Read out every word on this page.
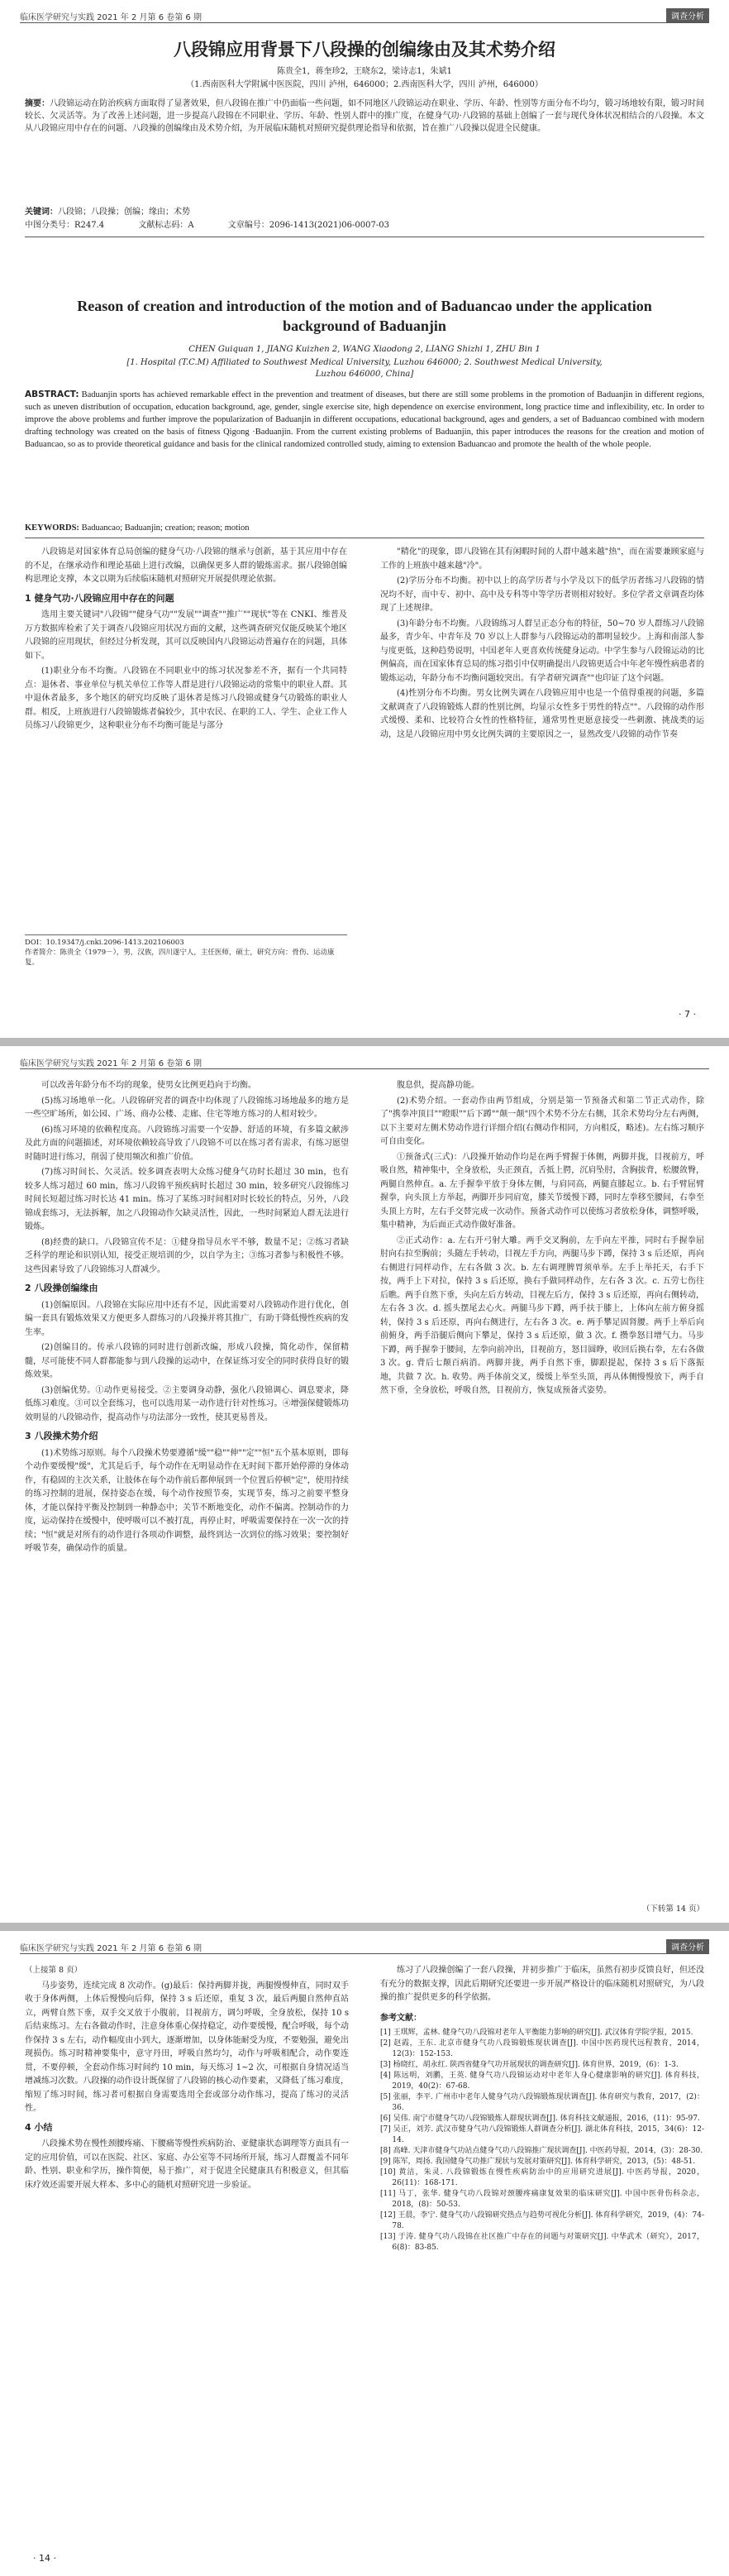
临床医学研究与实践 2021 年 2 月第 6 卷第 6 期	调查分析
八段锦应用背景下八段操的创编缘由及其术势介绍
陈贵全1，蒋奎珍2，王晓东2，梁诗志1，朱斌1
（1.西南医科大学附属中医医院，四川 泸州，646000；2.西南医科大学，四川 泸州，646000）
摘要：八段锦运动在防治疾病方面取得了显著效果，但八段锦在推广中仍面临一些问题，如不同地区八段锦运动在职业、学历、年龄、性别等方面分布不均匀，锻习场地较有限，锻习时间较长、欠灵活等。为了改善上述问题，进一步提高八段锦在不同职业、学历、年龄、性别人群中的推广度，在健身气功·八段锦的基础上创编了一套与现代身体状况相结合的八段操。本文从八段锦应用中存在的问题、八段操的创编缘由及术势介绍，为开展临床随机对照研究提供理论指导和依据，旨在推广八段操以促进全民健康。
关键词：八段锦；八段操；创编；缘由；术势
中图分类号：R247.4	文献标志码：A	文章编号：2096-1413(2021)06-0007-03
Reason of creation and introduction of the motion and of Baduancao under the application background of Baduanjin
CHEN Guiquan 1, JIANG Kuizhen 2, WANG Xiaodong 2, LIANG Shizhi 1, ZHU Bin 1
[1. Hospital (T.C.M) Affiliated to Southwest Medical University, Luzhou 646000; 2. Southwest Medical University,
Luzhou 646000, China]
ABSTRACT: Baduanjin sports has achieved remarkable effect in the prevention and treatment of diseases, but there are still some problems in the promotion of Baduanjin in different regions, such as uneven distribution of occupation, education background, age, gender, single exercise site, high dependence on exercise environment, long practice time and inflexibility, etc. In order to improve the above problems and further improve the popularization of Baduanjin in different occupations, educational background, ages and genders, a set of Baduancao combined with modern drafting technology was created on the basis of fitness Qigong ·Baduanjin. From the current existing problems of Baduanjin, this paper introduces the reasons for the creation and motion of Baduancao, so as to provide theoretical guidance and basis for the clinical randomized controlled study, aiming to extension Baduancao and promote the health of the whole people.
KEYWORDS: Baduancao; Baduanjin; creation; reason; motion

八段锦是对国家体育总局创编的健身气功·八段锦的继承与创新，基于其应用中存在的不足，在继承动作和理论基础上进行改编，以确保更多人群的锻炼需求。据八段锦创编构思理论支撑，本文以期为后续临床随机对照研究开展提供理论依据。

1 健身气功·八段锦应用中存在的问题

选用主要关键词"八段锦""健身气功""发展""调查""推广""现状"等在 CNKI、维普及万方数据库检索了关于调查八段锦应用状况方面的文献，这些调查研究仅能反映某个地区八段锦的应用现状，但经过分析发现，其可以反映国内八段锦运动普遍存在的问题，具体如下。

(1)职业分布不均衡。八段锦在不同职业中的练习状况参差不齐，据有一个共同特点：退休者、事业单位与机关单位工作等人群是进行八段锦运动的常集中的职业人群。其中退休者最多，多个地区的研究均反映了退休者是练习八段锦或健身气功锻炼的职业人群。相反，上班族进行八段锦锻炼者偏较少，其中农民、在职的工人、学生、企业工作人员练习八段锦更少，这种职业分布不均衡可能是与部分

DOI：10.19347/j.cnki.2096-1413.202106003
作者简介：陈贵全（1979－），男，汉族，四川遂宁人，主任医师，硕士，研究方向：骨伤、运动康复。

"精化"的现象，即八段锦在其有闲暇时间的人群中越来越"热"，而在需要兼顾家庭与工作的上班族中越来越"冷"。

(2)学历分布不均衡。初中以上的高学历者与小学及以下的低学历者练习八段锦的情况均不好，而中专、初中、高中及专科等中等学历者则相对较好。多位学者文章调查均体现了上述规律。

(3)年龄分布不均衡。八段锦练习人群呈正态分布的特征，50~70 岁人群练习八段锦最多，青少年、中青年及 70 岁以上人群参与八段锦运动的都明显较少。上海和南部人参与度更低，这种趋势说明，中国老年人更喜欢传统健身运动。中学生参与八段锦运动的比例偏高，而在国家体育总局的练习指引中仅明确提出八段锦更适合中年老年慢性病患者的锻炼运动，年龄分布不均衡问题较突出。有学者研究调查""也印证了这个问题。

(4)性别分布不均衡。男女比例失调在八段锦应用中也是一个值得重视的问题，多篇文献调查了八段锦锻炼人群的性别比例，均显示女性多于男性的特点""。八段锦的动作形式缓慢、柔和、比较符合女性的性格特征，通常男性更愿意接受一些刺激、挑战类的运动，这是八段锦应用中男女比例失调的主要原因之一，显然改变八段锦的动作节奏

· 7 ·
临床医学研究与实践 2021 年 2 月第 6 卷第 6 期

可以改善年龄分布不均的现象，使男女比例更趋向于均衡。

(5)练习场地单一化。八段锦研究者的调查中均体现了八段锦练习场地最多的地方是一些空旷场所，如公园、广场、商办公楼、走廊、住宅等地方练习的人相对较少。

(6)练习环境的依赖程度高。八段锦练习需要一个安静、舒适的环境，有多篇文献涉及此方面的问题描述，对环境依赖较高导致了八段锦不可以在练习者有需求，有练习愿望时随时进行练习，削弱了使用频次和推广价值。

(7)练习时间长、欠灵活。较多调查表明大众练习健身气功时长超过 30 min，也有较多人练习超过 60 min，练习八段锦平预疾病时长超过 30 min，较多研究八段锦练习时间长短超过练习时长达 41 min。练习了某练习时间相对时长较长的特点，另外，八段锦成套练习，无法拆解，加之八段锦动作欠缺灵活性，因此，一些时间紧迫人群无法进行锻炼。

(8)经费的缺口。八段锦宣传不足：①健身指导员水平不够，数量不足；②练习者缺乏科学的理论和识别认知，接受正规培训的少，以自学为主；③练习者参与积极性不够。这些因素导致了八段锦练习人群减少。

2 八段操创编缘由

(1)创编原因。八段锦在实际应用中还有不足，因此需要对八段锦动作进行优化，创编一套具有锻炼效果又方便更多人群练习的八段操并将其推广，有助于降低慢性疾病的发生率。

(2)创编目的。传承八段锦的同时进行创新改编，形成八段操，简化动作，保留精髓，尽可能使不同人群都能参与到八段操的运动中，在保证练习安全的同时获得良好的锻炼效果。

(3)创编优势。①动作更易接受。②主要调身动静，强化八段锦调心、调息要求，降低练习难度。③可以全套练习，也可以选用某一动作进行针对性练习。④增强保健锻炼功效明显的八段锦动作，提高动作与功法部分一致性，使其更易普及。

3 八段操术势介绍

(1)术势练习原则。每个八段操术势要遵循"缓""稳""伸""定""恒"五个基本原则，即每个动作要缓慢"缓"，尤其是后手，每个动作在无明显动作在无时间下都开始停滞的身体动作，有稳固的主次关系，让肢体在每个动作前后都伸展到一个位置后停顿"定"，使用持续的练习控制的进展，保持姿态在缓，每个动作按照节奏，实现节奏，练习之前要平整身体，才能以保持平衡及控制到一种静态中；关节不断地变化，动作不偏离。控制动作的力度，运动保持在缓慢中，使呼吸可以不被打乱，再停止时，呼吸需要保持在一次一次的持续；"恒"就是对所有的动作进行各项动作调整，最终到达一次到位的练习效果；要控制好呼吸节奏，确保动作的质量。

腹息供，提高静功能。

(2)术势介绍。一套动作由两节组成，分别是第一节预备式和第二节正式动作，除了"携拳冲顶目""瞪眼""后下蹲""颠一颠"四个术势不分左右侧，其余术势均分左右两侧，以下主要对左侧术势动作进行详细介绍(右侧动作相同，方向相反，略述)。左右练习顺序可自由变化。

①预备式(三式)：八段操开始动作均是在两手臂握于体侧，两脚并拢，目视前方，呼吸自然，精神集中，全身放松，头正颈直，舌抵上腭，沉肩坠肘，含胸拔背，松腰敛臀，两腿自然伸直。a. 左手握拳平放于身体左侧，与肩同高，两腿直膝起立。b. 右手臂屈臂握拳，向头顶上方举起，两脚开步同肩宽，膝关节缓慢下蹲，同时左拳移至腰间，右拳至头顶上方时，左右手交替完成一次动作。预备式动作可以使练习者放松身体，调整呼吸，集中精神，为后面正式动作做好准备。

②正式动作：a. 左右开弓射大雕。两手交叉胸前，左手向左平推，同时右手握拳屈肘向右拉至胸前；头随左手转动，目视左手方向，两腿马步下蹲，保持 3 s 后还原，再向右侧进行同样动作，左右各做 3 次。b. 左右调理脾胃须单举。左手上举托天，右手下按，两手上下对拉，保持 3 s 后还原，换右手做同样动作，左右各 3 次。c. 五劳七伤往后瞧。两手自然下垂，头向左后方转动，目视左后方，保持 3 s 后还原，再向右侧转动，左右各 3 次。d. 摇头摆尾去心火。两腿马步下蹲，两手扶于膝上，上体向左前方俯身摇转，保持 3 s 后还原，再向右侧进行，左右各 3 次。e. 两手攀足固肾腰。两手上举后向前俯身，两手沿腿后侧向下攀足，保持 3 s 后还原，做 3 次。f. 攒拳怒目增气力。马步下蹲，两手握拳于腰间，左拳向前冲出，目视前方，怒目圆睁，收回后换右拳，左右各做 3 次。g. 背后七颠百病消。两脚并拢，两手自然下垂，脚跟提起，保持 3 s 后下落振地，共做 7 次。h. 收势。两手体前交叉，缓缓上举至头顶，再从体侧慢慢放下，两手自然下垂，全身放松，呼吸自然，目视前方，恢复成预备式姿势。

（下转第 14 页）
临床医学研究与实践 2021 年 2 月第 6 卷第 6 期	调查分析
（上接第 8 页）

马步姿势，连续完成 8 次动作。(g)最后：保持两脚并拢，两腿慢慢伸直，同时双手收于身体两侧，上体后慢慢向后仰，保持 3 s 后还原，重复 3 次，最后两腿自然伸直站立，两臂自然下垂，双手交叉放于小腹前，目视前方，调匀呼吸，全身放松，保持 10 s 后结束练习。左右各做动作时，注意身体重心保持稳定，动作要缓慢，配合呼吸，每个动作保持 3 s 左右，动作幅度由小到大，逐渐增加，以身体能耐受为度，不要勉强，避免出现损伤。练习时精神要集中，意守丹田，呼吸自然均匀，动作与呼吸相配合，动作要连贯，不要停顿，全套动作练习时间约 10 min，每天练习 1~2 次，可根据自身情况适当增减练习次数。八段操的动作设计既保留了八段锦的核心动作要素，又降低了练习难度，缩短了练习时间，练习者可根据自身需要选用全套或部分动作练习，提高了练习的灵活性。

4 小结

八段操术势在慢性颈腰疼痛、下腰痛等慢性疾病防治、亚健康状态调理等方面具有一定的应用价值，可以在医院、社区、家庭、办公室等不同场所开展，练习人群覆盖不同年龄、性别、职业和学历，操作简便，易于推广，对于促进全民健康具有积极意义，但其临床疗效还需要开展大样本、多中心的随机对照研究进一步验证。

练习了八段操创编了一套八段操，并初步推广于临床，虽然有初步反馈良好，但还没有充分的数据支撑，因此后期研究还要进一步开展严格设计的临床随机对照研究，为八段操的推广提供更多的科学依据。

参考文献：
[1] 王琪辉，孟林. 健身气功八段锦对老年人平衡能力影响的研究[J]. 武汉体育学院学报，2015.
[2] 赵霞，王东. 北京市健身气功八段锦锻炼现状调查[J]. 中国中医药现代远程教育，2014，12(3)：152-153.
[3] 杨晓红，胡永红. 陕西省健身气功开展现状的调查研究[J]. 体育世界，2019，(6)：1-3.
[4] 陈远明，刘鹏，王英. 健身气功八段锦运动对中老年人身心健康影响的研究[J]. 体育科技，2019，40(2)：67-68.
[5] 张丽，李平. 广州市中老年人健身气功八段锦锻炼现状调查[J]. 体育研究与教育，2017，(2)：36.
[6] 吴伟. 南宁市健身气功八段锦锻炼人群现状调查[J]. 体育科技文献通报，2016，(11)：95-97.
[7] 吴正，刘芳. 武汉市健身气功八段锦锻炼人群调查分析[J]. 湖北体育科技，2015，34(6)：12-14.
[8] 高峰. 天津市健身气功站点健身气功八段锦推广现状调查[J]. 中医药导报，2014，(3)：28-30.
[9] 陈军，周扬. 我国健身气功推广现状与发展对策研究[J]. 体育科学研究，2013，(5)：48-51.
[10] 黄洁，朱灵. 八段锦锻炼在慢性疾病防治中的应用研究进展[J]. 中医药导报，2020，26(11)：168-171.
[11] 马丁，张华. 健身气功八段锦对颈腰疼痛康复效果的临床研究[J]. 中国中医骨伤科杂志，2018，(8)：50-53.
[12] 王晨，李宁. 健身气功八段锦研究热点与趋势可视化分析[J]. 体育科学研究，2019，(4)：74-78.
[13] 于涛. 健身气功八段锦在社区推广中存在的问题与对策研究[J]. 中华武术（研究），2017，6(8)：83-85.
· 14 ·
